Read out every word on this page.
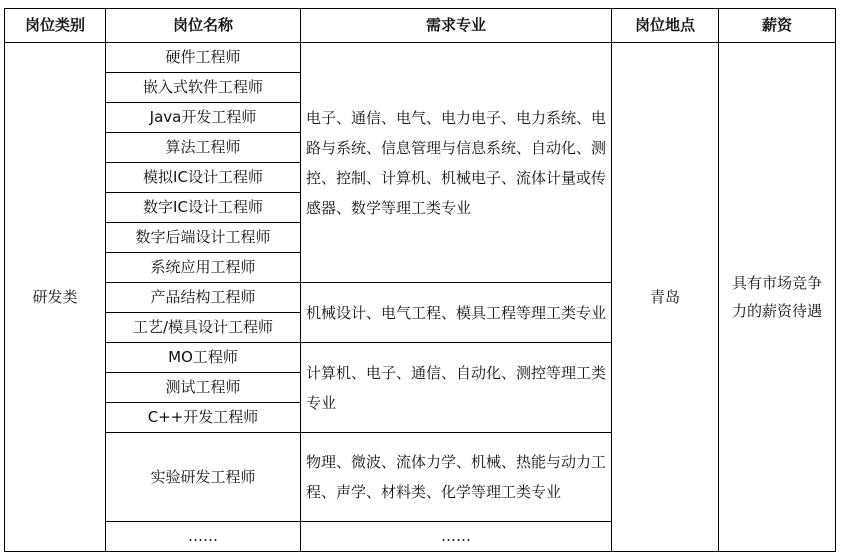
岗位类别	岗位名称	需求专业	岗位地点	薪资
研发类	硬件工程师	电子、通信、电气、电力电子、电力系统、电路与系统、信息管理与信息系统、自动化、测控、控制、计算机、机械电子、流体计量或传感器、数学等理工类专业	青岛	具有市场竞争力的薪资待遇
	嵌入式软件工程师			
	Java开发工程师			
	算法工程师			
	模拟IC设计工程师			
	数字IC设计工程师			
	数字后端设计工程师			
	系统应用工程师			
	产品结构工程师	机械设计、电气工程、模具工程等理工类专业		
	工艺/模具设计工程师			
	MO工程师	计算机、电子、通信、自动化、测控等理工类专业		
	测试工程师			
	C++开发工程师			
	实验研发工程师	物理、微波、流体力学、机械、热能与动力工程、声学、材料类、化学等理工类专业		
	……	……		
